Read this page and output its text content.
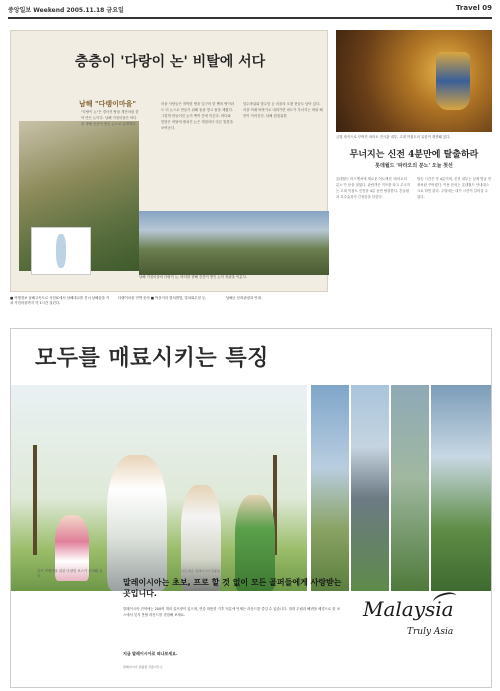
중앙일보 Weekend 2005.11.18 금요일	Travel 09
층층이 '다랑이 논' 비탈에 서다
남해 "다랭이마을"
"다랑이 논"은 경사진 땅을 계단처럼 깎아 만든 논이다. 남해 가천마을은 바다를 향해 층층이 쌓인 논으로 유명하다.
마을 사람들은 척박한 땅을 일구어 한 뼘의 땅이라도 더 논으로 만들기 위해 돌을 쌓고 흙을 채웠다. 그렇게 만들어진 논이 백여 층에 이른다. 바다와 맞닿은 비탈에 펼쳐진 논은 계절마다 다른 빛깔을 보여준다.
암수바위와 밥무덤 등 마을의 오랜 풍습도 남아 있다. 마을 아래 바닷가로 내려가면 파도가 부서지는 바위 해안이 이어진다. 남해 편집위원
남해 가천마을의 다랑이 논. 바다를 향해 층층이 쌓인 논이 장관을 이룬다.
■ 여행정보 남해고속도로 사천IC에서 남해대교를 건너 남해읍을 거쳐 가천마을까지 약 1시간 걸린다.
다랭이마을 민박 문의 ■ 먹을거리 멸치쌈밥, 멸치회무침 등.	남해군 문화관광과 안내.
금빛 장식으로 꾸며진 파라오 전시관 내부. 고대 이집트의 유물이 재현돼 있다.
무너지는 신전 4분만에 탈출하라
롯데월드 '파라오의 분노' 오늘 첫선
롯데월드 어드벤처에 새로운 어트랙션 '파라오의 분노'가 문을 열었다. 관람객은 지프를 타고 무너지는 고대 이집트 신전을 4분 동안 탈출한다. 흔들림과 특수효과가 긴장감을 더한다.
탑승 시간은 약 4분이며, 신전 내부는 실제 발굴 현장처럼 꾸며졌다. 이용 문의는 롯데월드 안내데스크로 하면 된다. 주말에는 대기 시간이 길어질 수 있다.
모두를 매료시키는 특징
골프 여행객을 위한 다양한 코스가 준비돼 있다.
사진 제공: 말레이시아 관광청
말레이시아는 초보, 프로 할 것 없이 모든 골퍼들에게 사랑받는 곳입니다.
말레이시아 전역에는 200여 개의 골프장이 있으며, 연중 따뜻한 기후 덕분에 언제든 라운드를 즐길 수 있습니다. 열대 우림과 해변을 배경으로 한 코스에서 잊지 못할 라운드를 경험해 보세요.
지금 말레이시아로 떠나보세요.
말레이시아 관광청 서울사무소
Malaysia
Truly Asia
